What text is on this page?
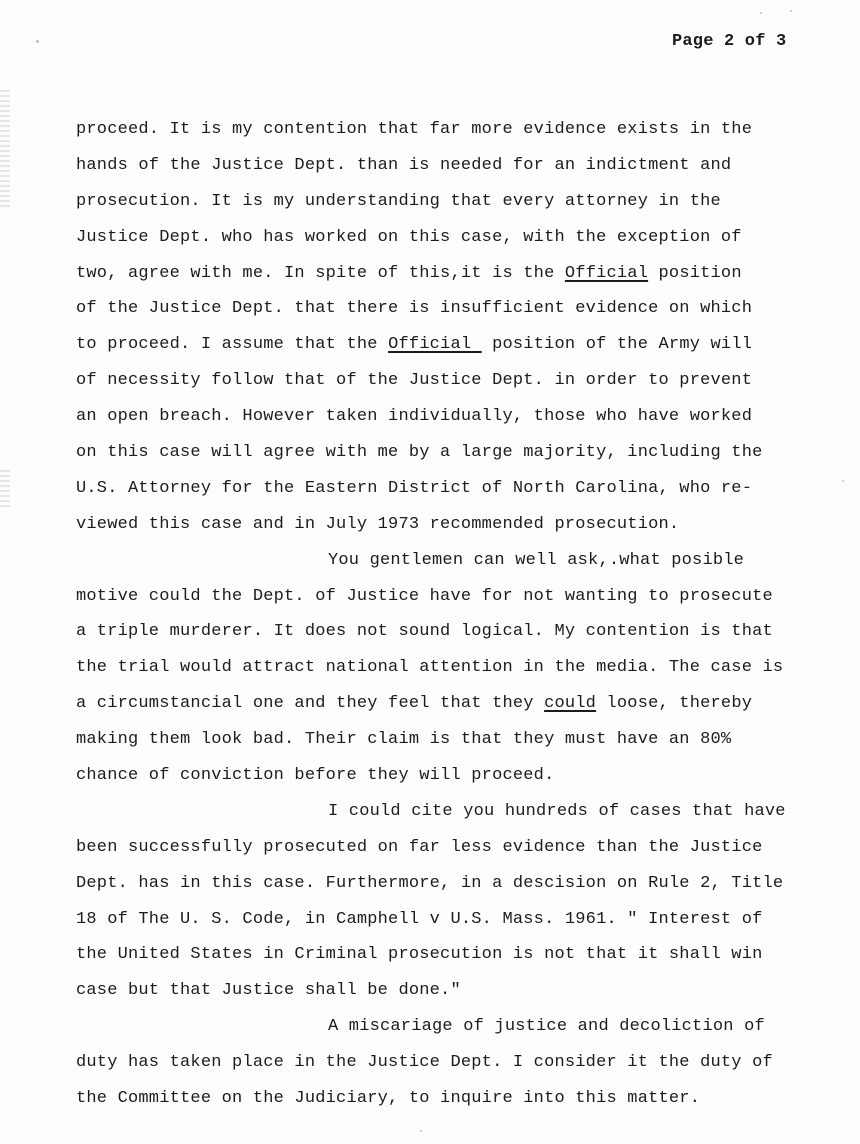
Page 2 of 3
proceed. It is my contention that far more evidence exists in the
hands of the Justice Dept. than is needed for an indictment and
prosecution. It is my understanding that every attorney in the
Justice Dept. who has worked on this case, with the exception of
two, agree with me. In spite of this,it is the Official position
of the Justice Dept. that there is insufficient evidence on which
to proceed. I assume that the Official  position of the Army will
of necessity follow that of the Justice Dept. in order to prevent
an open breach. However taken individually, those who have worked
on this case will agree with me by a large majority, including the
U.S. Attorney for the Eastern District of North Carolina, who re-
viewed this case and in July 1973 recommended prosecution.
You gentlemen can well ask,.what posible
motive could the Dept. of Justice have for not wanting to prosecute
a triple murderer. It does not sound logical. My contention is that
the trial would attract national attention in the media. The case is
a circumstancial one and they feel that they could loose, thereby
making them look bad. Their claim is that they must have an 80%
chance of conviction before they will proceed.
I could cite you hundreds of cases that have
been successfully prosecuted on far less evidence than the Justice
Dept. has in this case. Furthermore, in a descision on Rule 2, Title
18 of The U. S. Code, in Camphell v U.S. Mass. 1961. " Interest of
the United States in Criminal prosecution is not that it shall win
case but that Justice shall be done."
A miscariage of justice and decoliction of
duty has taken place in the Justice Dept. I consider it the duty of
the Committee on the Judiciary, to inquire into this matter.
